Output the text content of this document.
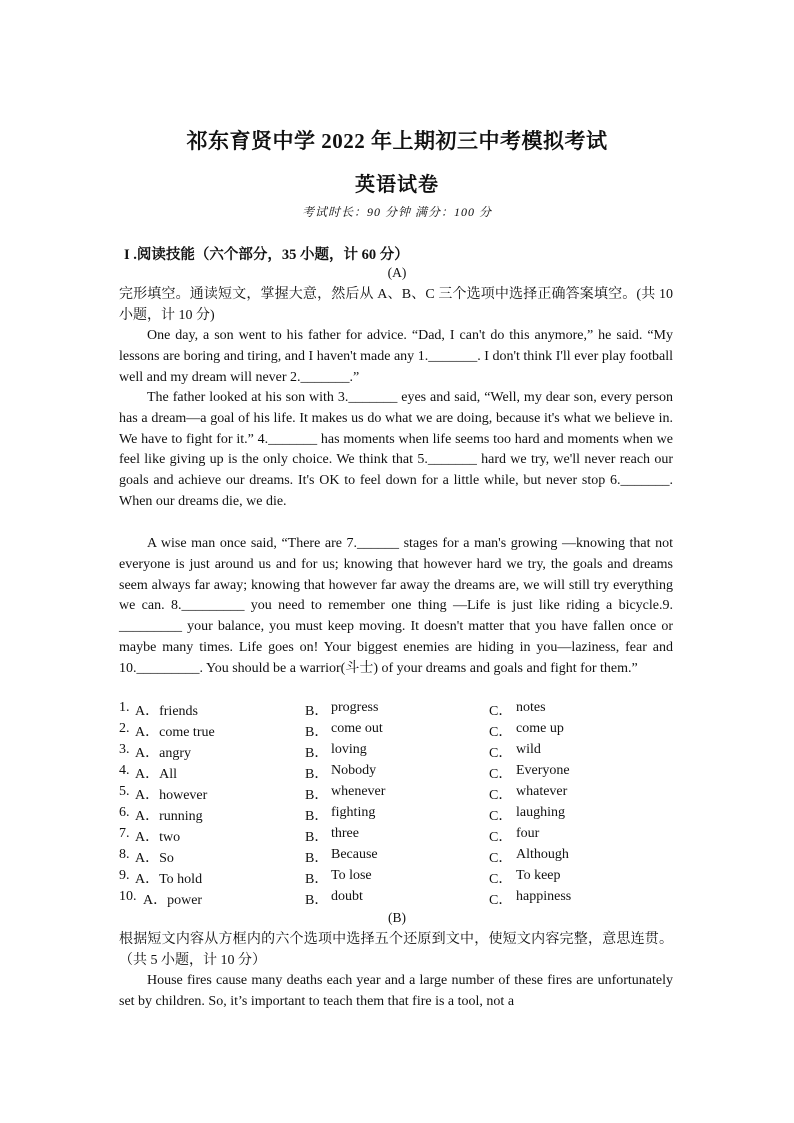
祁东育贤中学 2022 年上期初三中考模拟考试
英语试卷
考试时长：90 分钟 满分：100 分
I .阅读技能（六个部分，35 小题，计 60 分）
(A)
完形填空。通读短文，掌握大意，然后从 A、B、C 三个选项中选择正确答案填空。(共 10 小题，计 10 分)
One day, a son went to his father for advice. “Dad, I can't do this anymore,” he said. “My lessons are boring and tiring, and I haven't made any 1._______. I don't think I'll ever play football well and my dream will never 2._______.”
The father looked at his son with 3._______ eyes and said, “Well, my dear son, every person has a dream—a goal of his life. It makes us do what we are doing, because it's what we believe in. We have to fight for it.” 4._______ has moments when life seems too hard and moments when we feel like giving up is the only choice. We think that 5._______ hard we try, we'll never reach our goals and achieve our dreams. It's OK to feel down for a little while, but never stop 6._______. When our dreams die, we die.
A wise man once said, “There are 7.______ stages for a man's growing —knowing that not everyone is just around us and for us; knowing that however hard we try, the goals and dreams seem always far away; knowing that however far away the dreams are, we will still try everything we can. 8._________ you need to remember one thing —Life is just like riding a bicycle.9. _________ your balance, you must keep moving. It doesn't matter that you have fallen once or maybe many times. Life goes on! Your biggest enemies are hiding in you—laziness, fear and 10._________. You should be a warrior(斗士) of your dreams and goals and fight for them.”
1. A．friends	B． progress	C． notes
2. A．come true	B． come out	C． come up
3. A．angry	B． loving	C． wild
4. A．All	B． Nobody	C． Everyone
5. A．however	B． whenever	C． whatever
6. A．running	B． fighting	C． laughing
7. A．two	B． three	C． four
8. A．So	B． Because	C． Although
9. A．To hold	B． To lose	C． To keep
10. A．power	B． doubt	C． happiness
(B)
根据短文内容从方框内的六个选项中选择五个还原到文中，使短文内容完整，意思连贯。（共 5 小题，计 10 分）
House fires cause many deaths each year and a large number of these fires are unfortunately set by children. So, it’s important to teach them that fire is a tool, not a
